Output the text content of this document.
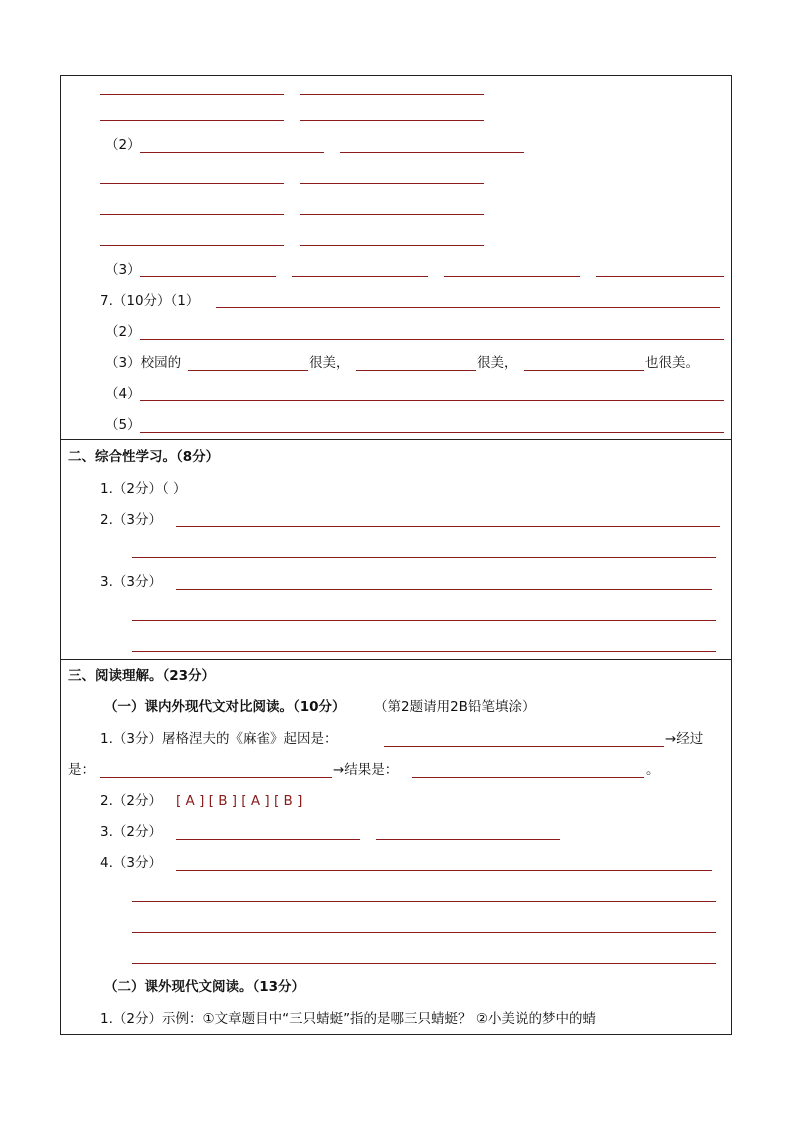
（2）
（3）
7.（10分）（1）
（2）
（3）校园的	很美，	很美，	也很美。
（4）
（5）
二、综合性学习。（8分）
1.（2分）（ ）
2.（3分）
3.（3分）
三、阅读理解。（23分）
（一）课内外现代文对比阅读。（10分） （第2题请用2B铅笔填涂）
1.（3分）屠格涅夫的《麻雀》起因是：	→经过
是：	→结果是：	。
2.（2分） [ A ] [ B ] [ A ] [ B ]
3.（2分）
4.（3分）
（二）课外现代文阅读。（13分）
1.（2分）示例：①文章题目中“三只蜻蜓”指的是哪三只蜻蜓？ ②小美说的梦中的蜻
